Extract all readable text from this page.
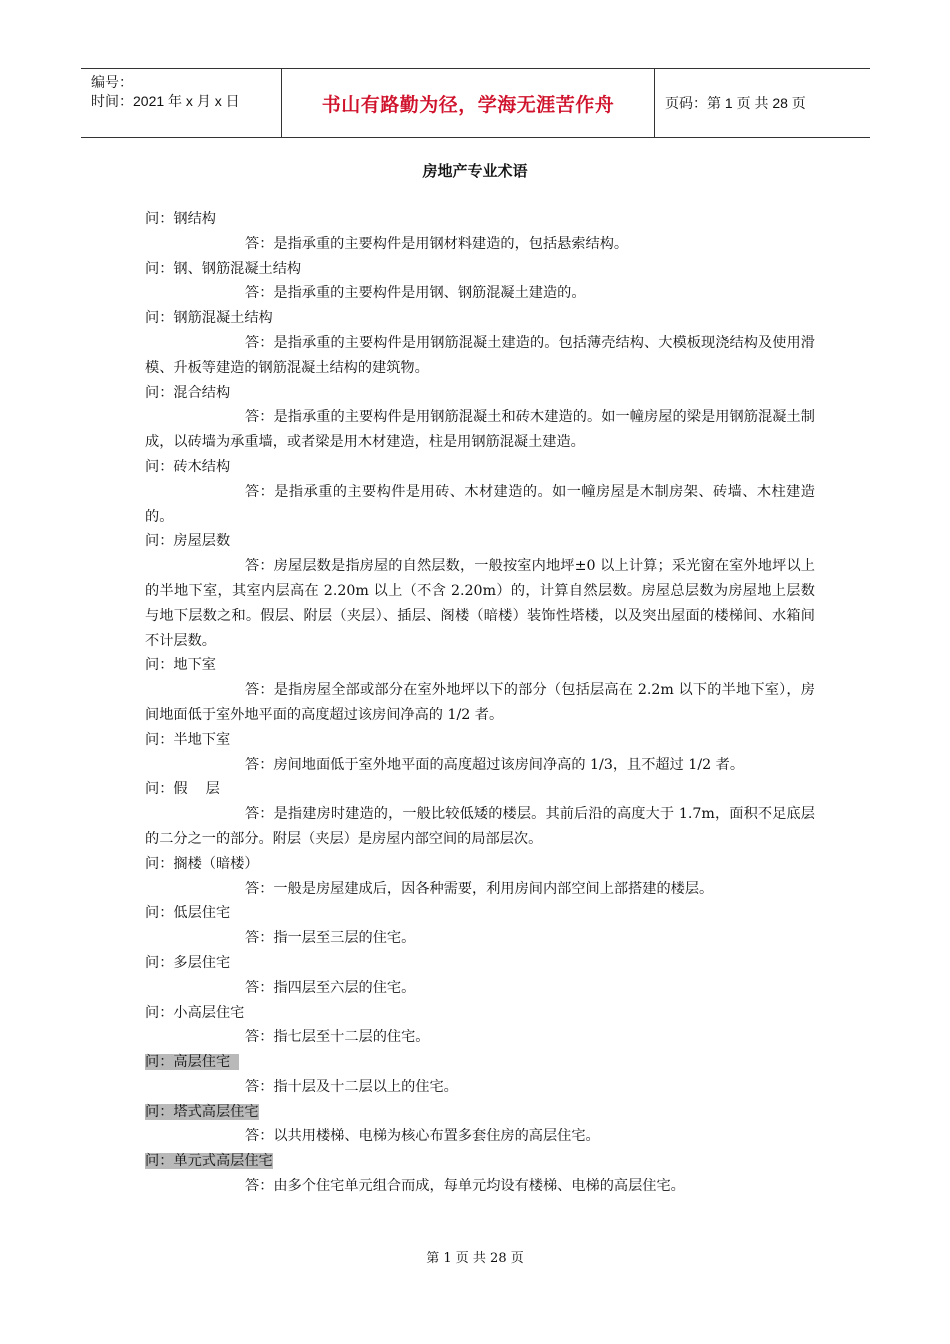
编号：
时间：2021 年 x 月 x 日	书山有路勤为径，学海无涯苦作舟	页码：第 1 页 共 28 页
房地产专业术语

问：钢结构

答：是指承重的主要构件是用钢材料建造的，包括悬索结构。

问：钢、钢筋混凝土结构

答：是指承重的主要构件是用钢、钢筋混凝土建造的。

问：钢筋混凝土结构

答：是指承重的主要构件是用钢筋混凝土建造的。包括薄壳结构、大模板现浇结构及使用滑模、升板等建造的钢筋混凝土结构的建筑物。

问：混合结构

答：是指承重的主要构件是用钢筋混凝土和砖木建造的。如一幢房屋的梁是用钢筋混凝土制成，以砖墙为承重墙，或者梁是用木材建造，柱是用钢筋混凝土建造。

问：砖木结构

答：是指承重的主要构件是用砖、木材建造的。如一幢房屋是木制房架、砖墙、木柱建造的。

问：房屋层数

答：房屋层数是指房屋的自然层数，一般按室内地坪±0 以上计算；采光窗在室外地坪以上的半地下室，其室内层高在 2.20m 以上（不含 2.20m）的，计算自然层数。房屋总层数为房屋地上层数与地下层数之和。假层、附层（夹层）、插层、阁楼（暗楼）装饰性塔楼，以及突出屋面的楼梯间、水箱间不计层数。

问：地下室

答：是指房屋全部或部分在室外地坪以下的部分（包括层高在 2.2m 以下的半地下室），房间地面低于室外地平面的高度超过该房间净高的 1/2 者。

问：半地下室

答：房间地面低于室外地平面的高度超过该房间净高的 1/3，且不超过 1/2 者。

问：假    层

答：是指建房时建造的，一般比较低矮的楼层。其前后沿的高度大于 1.7m，面积不足底层的二分之一的部分。附层（夹层）是房屋内部空间的局部层次。

问：搁楼（暗楼）

答：一般是房屋建成后，因各种需要，利用房间内部空间上部搭建的楼层。

问：低层住宅

答：指一层至三层的住宅。

问：多层住宅

答：指四层至六层的住宅。

问：小高层住宅

答：指七层至十二层的住宅。

问：高层住宅

答：指十层及十二层以上的住宅。

问：塔式高层住宅

答：以共用楼梯、电梯为核心布置多套住房的高层住宅。

问：单元式高层住宅

答：由多个住宅单元组合而成，每单元均设有楼梯、电梯的高层住宅。

第 1 页 共 28 页
